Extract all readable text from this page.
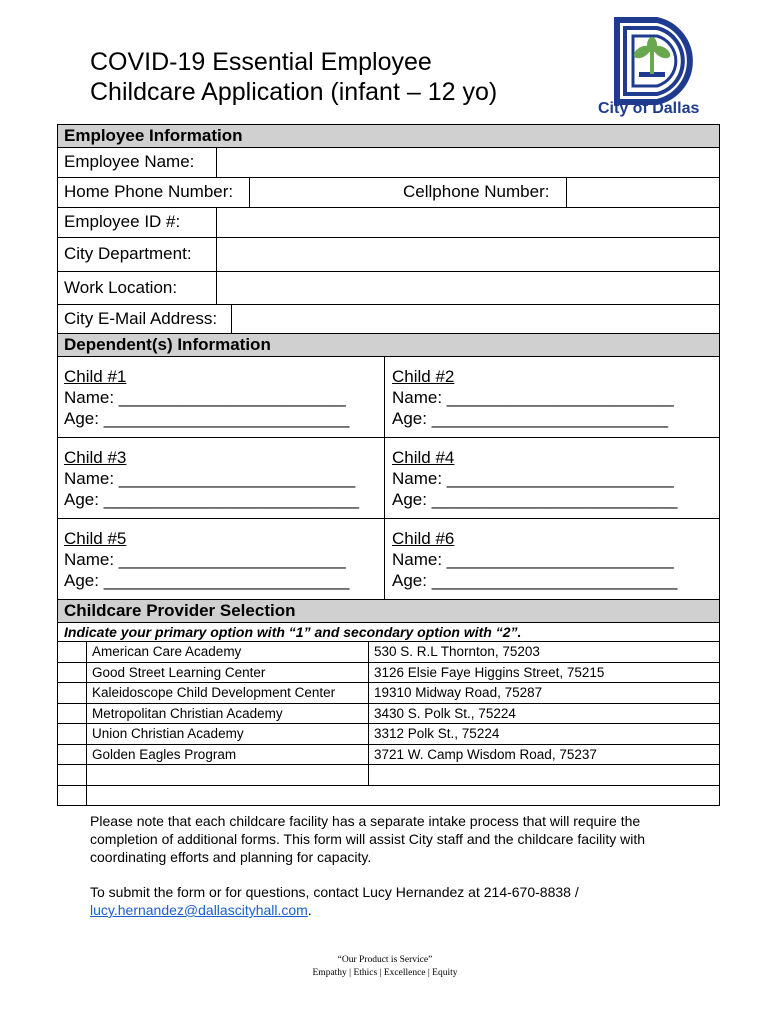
COVID-19 Essential Employee
Childcare Application (infant – 12 yo)
City of Dallas
Employee Information
Employee Name:
Home Phone Number:	Cellphone Number:
Employee ID #:
City Department:
Work Location:
City E-Mail Address:
Dependent(s) Information
Child #1
Name: ________________________
Age: __________________________
Child #2
Name: ________________________
Age: _________________________
Child #3
Name: _________________________
Age: ___________________________
Child #4
Name: ________________________
Age: __________________________
Child #5
Name: ________________________
Age: __________________________
Child #6
Name: ________________________
Age: __________________________
Childcare Provider Selection
Indicate your primary option with “1” and secondary option with “2”.
American Care Academy	530 S. R.L Thornton, 75203
Good Street Learning Center	3126 Elsie Faye Higgins Street, 75215
Kaleidoscope Child Development Center	19310 Midway Road, 75287
Metropolitan Christian Academy	3430 S. Polk St., 75224
Union Christian Academy	3312 Polk St., 75224
Golden Eagles Program	3721 W. Camp Wisdom Road, 75237
Please note that each childcare facility has a separate intake process that will require the completion of additional forms. This form will assist City staff and the childcare facility with coordinating efforts and planning for capacity.
To submit the form or for questions, contact Lucy Hernandez at 214-670-8838 /
lucy.hernandez@dallascityhall.com.
“Our Product is Service”
Empathy | Ethics | Excellence | Equity
